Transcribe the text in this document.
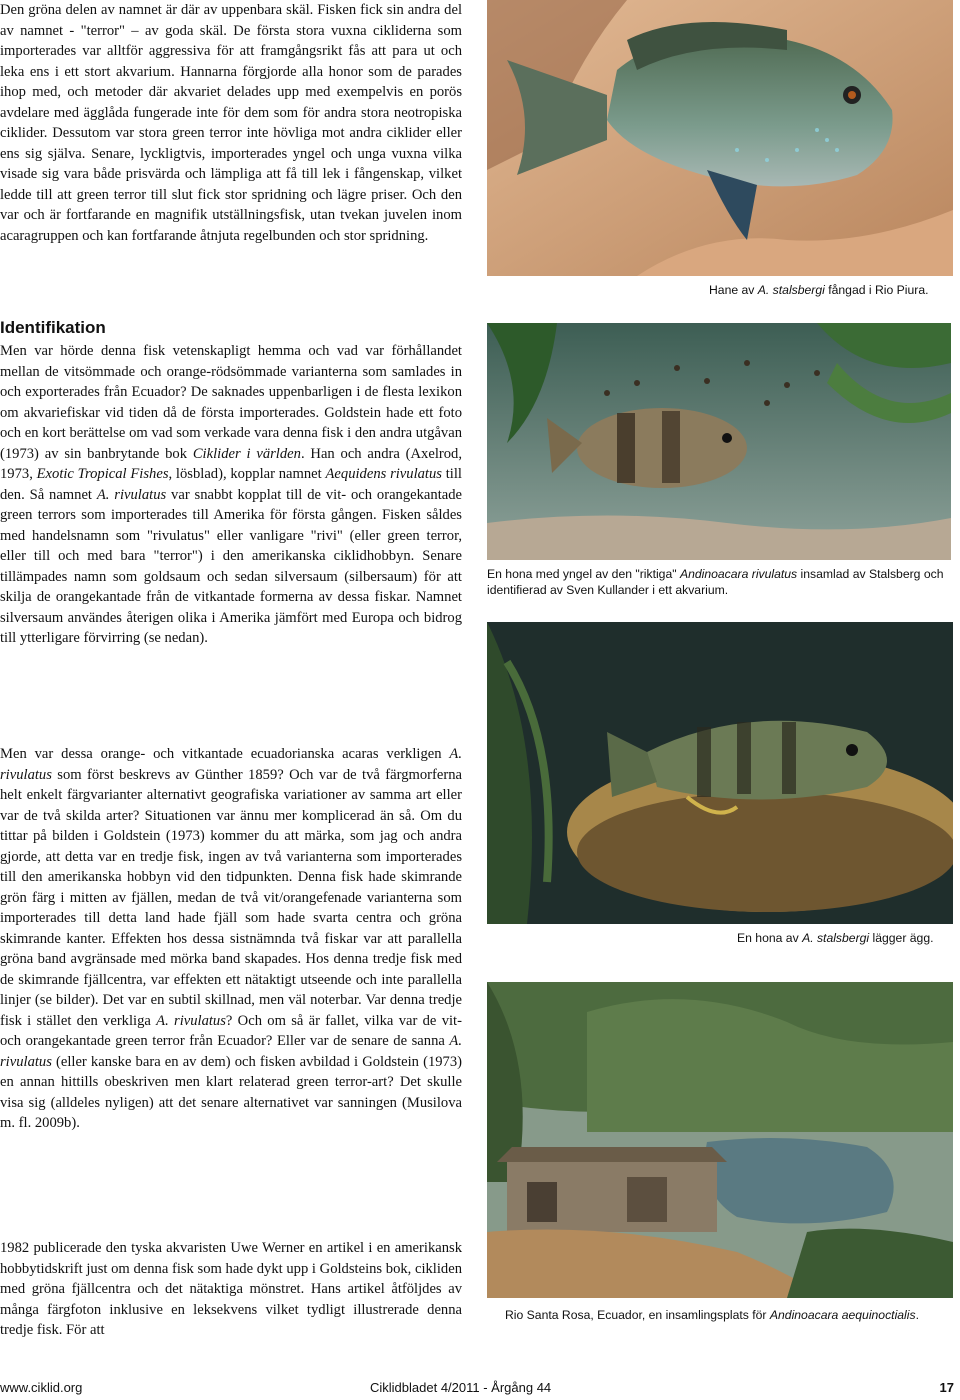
Den gröna delen av namnet är där av uppenbara skäl. Fisken fick sin andra del av namnet - "terror" – av goda skäl. De första stora vuxna cikliderna som importerades var alltför aggressiva för att framgångsrikt fås att para ut och leka ens i ett stort akvarium. Hannarna förgjorde alla honor som de parades ihop med, och metoder där akvariet delades upp med exempelvis en porös avdelare med ägglåda fungerade inte för dem som för andra stora neotropiska ciklider. Dessutom var stora green terror inte hövliga mot andra ciklider eller ens sig själva. Senare, lyckligtvis, importerades yngel och unga vuxna vilka visade sig vara både prisvärda och lämpliga att få till lek i fångenskap, vilket ledde till att green terror till slut fick stor spridning och lägre priser. Och den var och är fortfarande en magnifik utställningsfisk, utan tvekan juvelen inom acaragruppen och kan fortfarande åtnjuta regelbunden och stor spridning.

Identifikation

Men var hörde denna fisk vetenskapligt hemma och vad var förhållandet mellan de vitsömmade och orange-rödsömmade varianterna som samlades in och exporterades från Ecuador? De saknades uppenbarligen i de flesta lexikon om akvariefiskar vid tiden då de första importerades. Goldstein hade ett foto och en kort berättelse om vad som verkade vara denna fisk i den andra utgåvan (1973) av sin banbrytande bok Ciklider i världen. Han och andra (Axelrod, 1973, Exotic Tropical Fishes, lösblad), kopplar namnet Aequidens rivulatus till den. Så namnet A. rivulatus var snabbt kopplat till de vit- och orangekantade green terrors som importerades till Amerika för första gången. Fisken såldes med handelsnamn som "rivulatus" eller vanligare "rivi" (eller green terror, eller till och med bara "terror") i den amerikanska ciklidhobbyn. Senare tillämpades namn som goldsaum och sedan silversaum (silbersaum) för att skilja de orangekantade från de vitkantade formerna av dessa fiskar. Namnet silversaum användes återigen olika i Amerika jämfört med Europa och bidrog till ytterligare förvirring (se nedan).

Men var dessa orange- och vitkantade ecuadorianska acaras verkligen A. rivulatus som först beskrevs av Günther 1859? Och var de två färgmorferna helt enkelt färgvarianter alternativt geografiska variationer av samma art eller var de två skilda arter? Situationen var ännu mer komplicerad än så. Om du tittar på bilden i Goldstein (1973) kommer du att märka, som jag och andra gjorde, att detta var en tredje fisk, ingen av två varianterna som importerades till den amerikanska hobbyn vid den tidpunkten. Denna fisk hade skimrande grön färg i mitten av fjällen, medan de två vit/orangefenade varianterna som importerades till detta land hade fjäll som hade svarta centra och gröna skimrande kanter. Effekten hos dessa sistnämnda två fiskar var att parallella gröna band avgränsade med mörka band skapades. Hos denna tredje fisk med de skimrande fjällcentra, var effekten ett nätaktigt utseende och inte parallella linjer (se bilder). Det var en subtil skillnad, men väl noterbar. Var denna tredje fisk i stället den verkliga A. rivulatus? Och om så är fallet, vilka var de vit- och orangekantade green terror från Ecuador? Eller var de senare de sanna A. rivulatus (eller kanske bara en av dem) och fisken avbildad i Goldstein (1973) en annan hittills obeskriven men klart relaterad green terror-art? Det skulle visa sig (alldeles nyligen) att det senare alternativet var sanningen (Musilova m. fl. 2009b).

1982 publicerade den tyska akvaristen Uwe Werner en artikel i en amerikansk hobbytidskrift just om denna fisk som hade dykt upp i Goldsteins bok, cikliden med gröna fjällcentra och det nätaktiga mönstret. Hans artikel åtföljdes av många färgfoton inklusive en leksekvens vilket tydligt illustrerade denna tredje fisk. För att

Hane av A. stalsbergi fångad i Rio Piura.

En hona med yngel av den "riktiga" Andinoacara rivulatus insamlad av Stalsberg och identifierad av Sven Kullander i ett akvarium.

En hona av A. stalsbergi lägger ägg.

Rio Santa Rosa, Ecuador, en insamlingsplats för Andinoacara aequinoctialis.

www.ciklid.org	Ciklidbladet 4/2011 - Årgång 44	17
